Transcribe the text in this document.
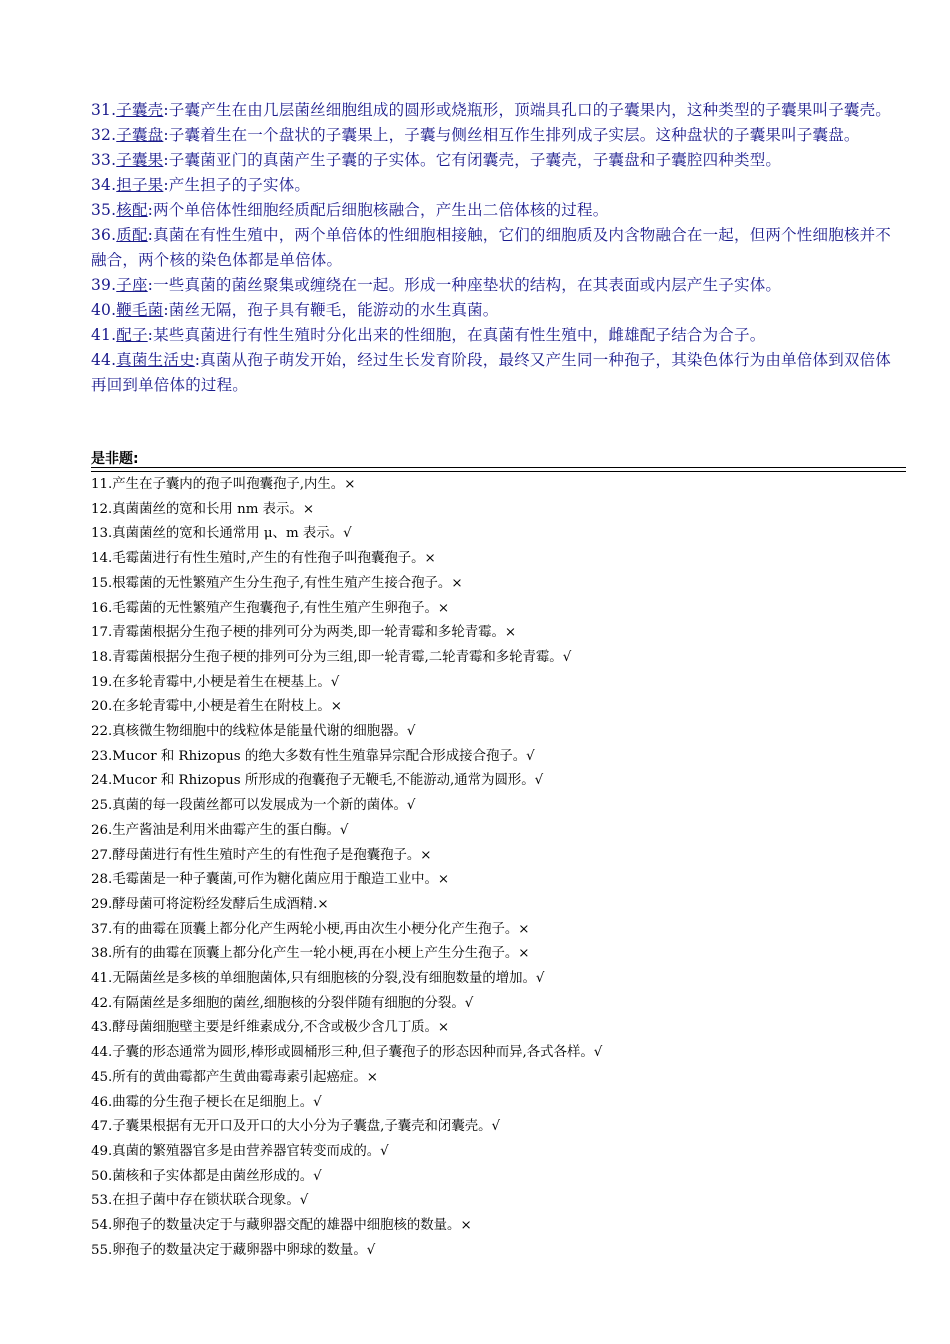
31.子囊壳:子囊产生在由几层菌丝细胞组成的圆形或烧瓶形，顶端具孔口的子囊果内，这种类型的子囊果叫子囊壳。
32.子囊盘:子囊着生在一个盘状的子囊果上，子囊与侧丝相互作生排列成子实层。这种盘状的子囊果叫子囊盘。
33.子囊果:子囊菌亚门的真菌产生子囊的子实体。它有闭囊壳，子囊壳，子囊盘和子囊腔四种类型。
34.担子果:产生担子的子实体。
35.核配:两个单倍体性细胞经质配后细胞核融合，产生出二倍体核的过程。
36.质配:真菌在有性生殖中，两个单倍体的性细胞相接触，它们的细胞质及内含物融合在一起，但两个性细胞核并不融合，两个核的染色体都是单倍体。
39.子座:一些真菌的菌丝聚集或缠绕在一起。形成一种座垫状的结构，在其表面或内层产生子实体。
40.鞭毛菌:菌丝无隔，孢子具有鞭毛，能游动的水生真菌。
41.配子:某些真菌进行有性生殖时分化出来的性细胞，在真菌有性生殖中，雌雄配子结合为合子。
44.真菌生活史:真菌从孢子萌发开始，经过生长发育阶段，最终又产生同一种孢子，其染色体行为由单倍体到双倍体再回到单倍体的过程。
是非题:
11.产生在子囊内的孢子叫孢囊孢子,内生。×
12.真菌菌丝的宽和长用 nm 表示。×
13.真菌菌丝的宽和长通常用 μ、m 表示。√
14.毛霉菌进行有性生殖时,产生的有性孢子叫孢囊孢子。×
15.根霉菌的无性繁殖产生分生孢子,有性生殖产生接合孢子。×
16.毛霉菌的无性繁殖产生孢囊孢子,有性生殖产生卵孢子。×
17.青霉菌根据分生孢子梗的排列可分为两类,即一轮青霉和多轮青霉。×
18.青霉菌根据分生孢子梗的排列可分为三组,即一轮青霉,二轮青霉和多轮青霉。√
19.在多轮青霉中,小梗是着生在梗基上。√
20.在多轮青霉中,小梗是着生在附枝上。×
22.真核微生物细胞中的线粒体是能量代谢的细胞器。√
23.Mucor 和 Rhizopus 的绝大多数有性生殖靠异宗配合形成接合孢子。√
24.Mucor 和 Rhizopus 所形成的孢囊孢子无鞭毛,不能游动,通常为圆形。√
25.真菌的每一段菌丝都可以发展成为一个新的菌体。√
26.生产酱油是利用米曲霉产生的蛋白酶。√
27.酵母菌进行有性生殖时产生的有性孢子是孢囊孢子。×
28.毛霉菌是一种子囊菌,可作为糖化菌应用于酿造工业中。×
29.酵母菌可将淀粉经发酵后生成酒精.×
37.有的曲霉在顶囊上都分化产生两轮小梗,再由次生小梗分化产生孢子。×
38.所有的曲霉在顶囊上都分化产生一轮小梗,再在小梗上产生分生孢子。×
41.无隔菌丝是多核的单细胞菌体,只有细胞核的分裂,没有细胞数量的增加。√
42.有隔菌丝是多细胞的菌丝,细胞核的分裂伴随有细胞的分裂。√
43.酵母菌细胞壁主要是纤维素成分,不含或极少含几丁质。×
44.子囊的形态通常为圆形,棒形或圆桶形三种,但子囊孢子的形态因种而异,各式各样。√
45.所有的黄曲霉都产生黄曲霉毒素引起癌症。×
46.曲霉的分生孢子梗长在足细胞上。√
47.子囊果根据有无开口及开口的大小分为子囊盘,子囊壳和闭囊壳。√
49.真菌的繁殖器官多是由营养器官转变而成的。√
50.菌核和子实体都是由菌丝形成的。√
53.在担子菌中存在锁状联合现象。√
54.卵孢子的数量决定于与藏卵器交配的雄器中细胞核的数量。×
55.卵孢子的数量决定于藏卵器中卵球的数量。√
